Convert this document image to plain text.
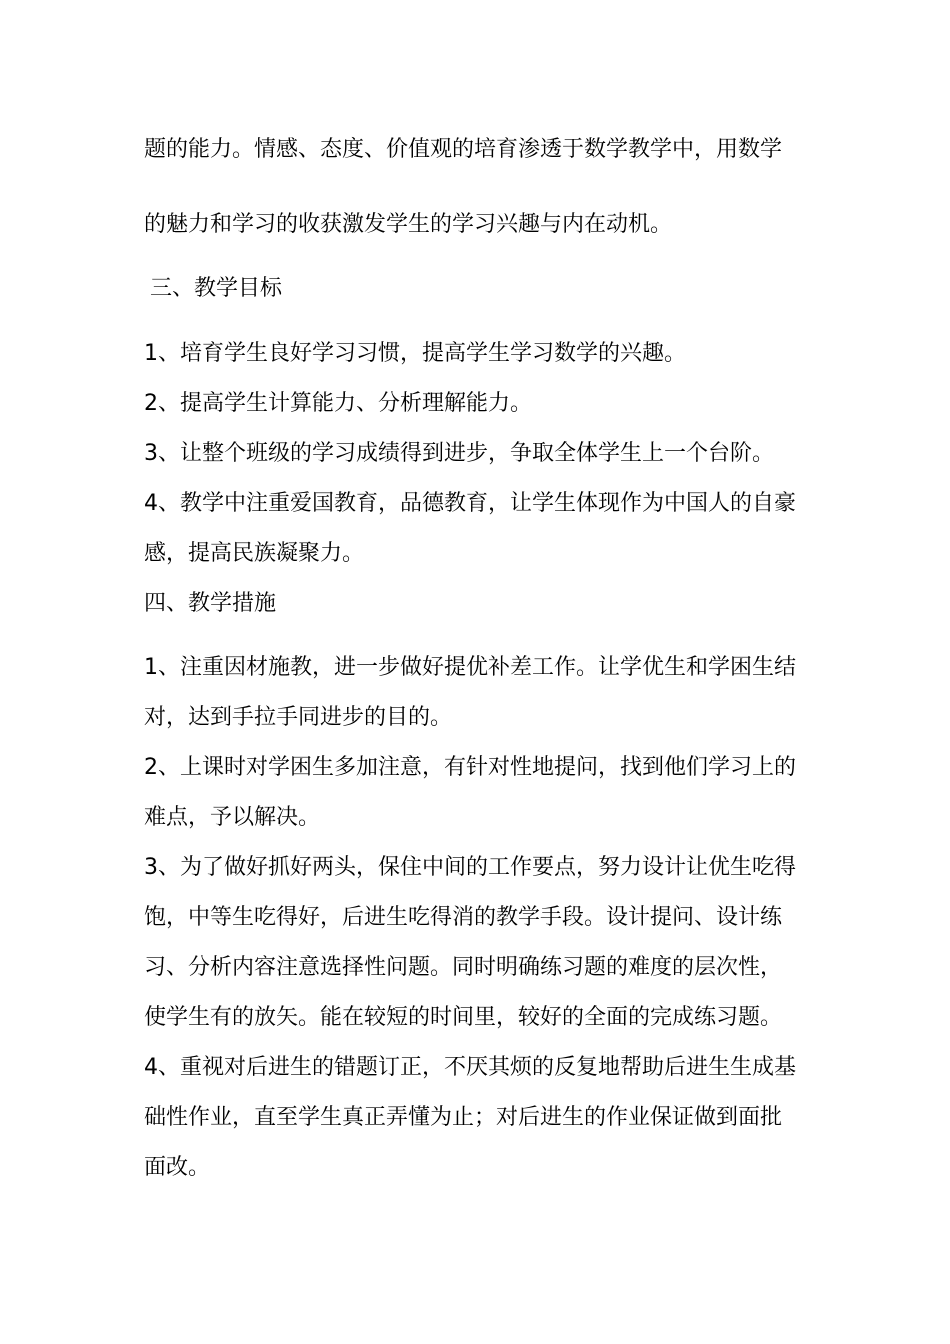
题的能力。情感、态度、价值观的培育渗透于数学教学中，用数学
的魅力和学习的收获激发学生的学习兴趣与内在动机。
三、教学目标
1、培育学生良好学习习惯，提高学生学习数学的兴趣。
2、提高学生计算能力、分析理解能力。
3、让整个班级的学习成绩得到进步，争取全体学生上一个台阶。
4、教学中注重爱国教育，品德教育，让学生体现作为中国人的自豪
感，提高民族凝聚力。
四、教学措施
1、注重因材施教，进一步做好提优补差工作。让学优生和学困生结
对，达到手拉手同进步的目的。
2、上课时对学困生多加注意，有针对性地提问，找到他们学习上的
难点，予以解决。
3、为了做好抓好两头，保住中间的工作要点，努力设计让优生吃得
饱，中等生吃得好，后进生吃得消的教学手段。设计提问、设计练
习、分析内容注意选择性问题。同时明确练习题的难度的层次性，
使学生有的放矢。能在较短的时间里，较好的全面的完成练习题。
4、重视对后进生的错题订正，不厌其烦的反复地帮助后进生生成基
础性作业，直至学生真正弄懂为止；对后进生的作业保证做到面批
面改。
